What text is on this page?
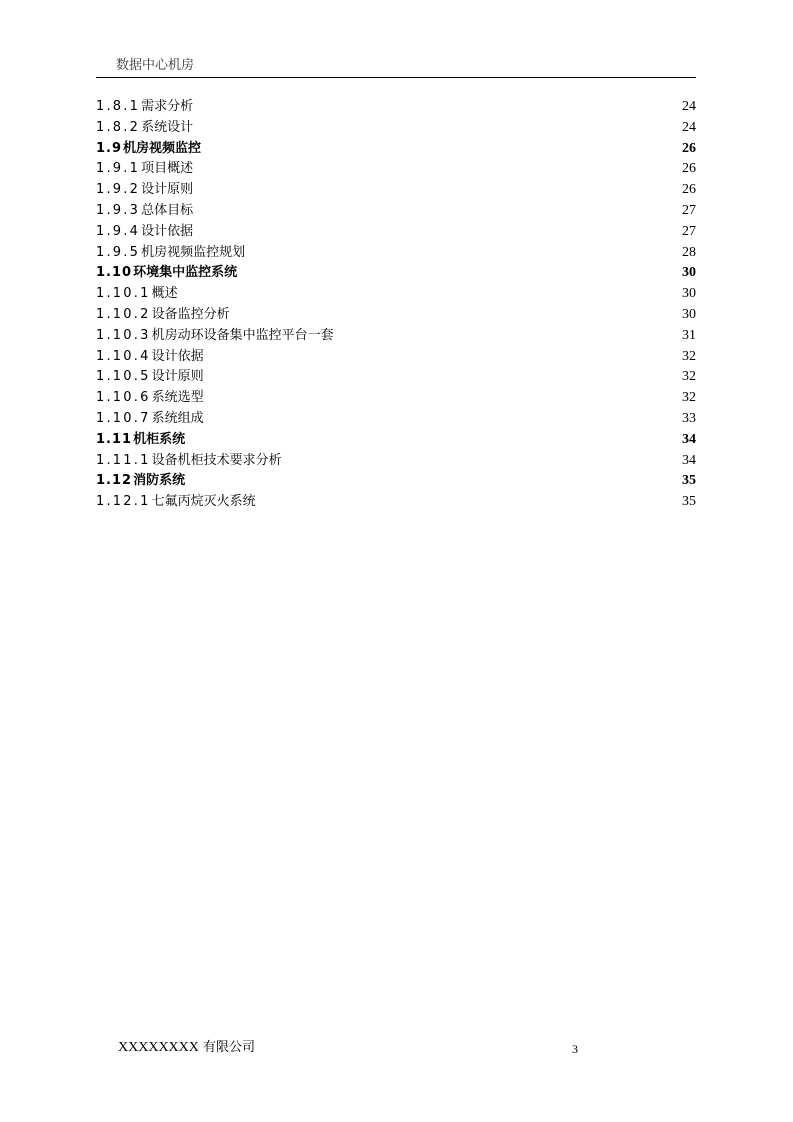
数据中心机房
1.8.1需求分析	24
1.8.2系统设计	24
1.9机房视频监控	26
1.9.1项目概述	26
1.9.2设计原则	26
1.9.3总体目标	27
1.9.4设计依据	27
1.9.5机房视频监控规划	28
1.10环境集中监控系统	30
1.10.1概述	30
1.10.2设备监控分析	30
1.10.3机房动环设备集中监控平台一套	31
1.10.4设计依据	32
1.10.5设计原则	32
1.10.6系统选型	32
1.10.7系统组成	33
1.11机柜系统	34
1.11.1设备机柜技术要求分析	34
1.12消防系统	35
1.12.1七氟丙烷灭火系统	35
XXXXXXXX 有限公司	3
